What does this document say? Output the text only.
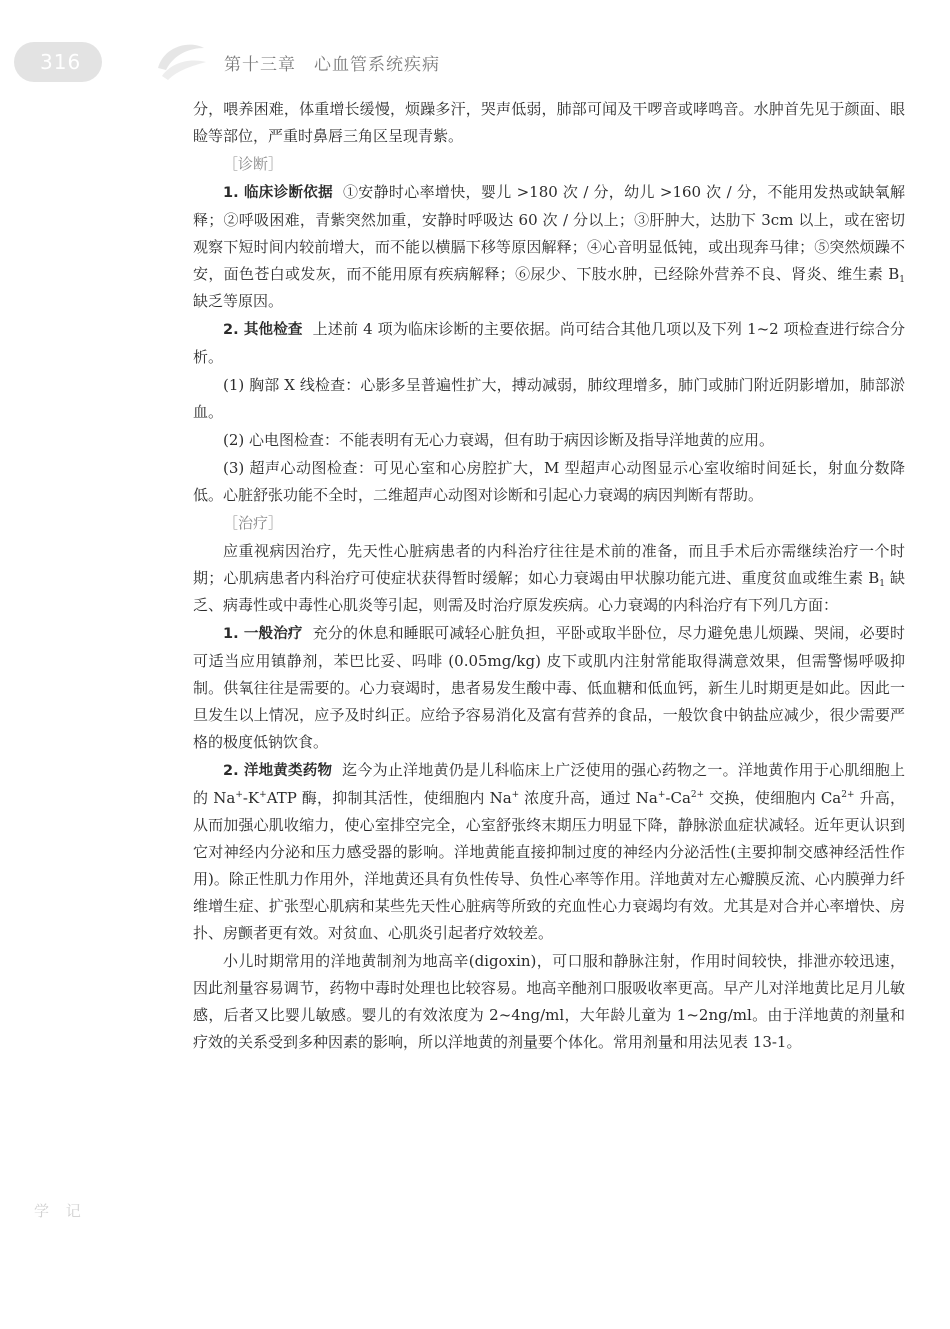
316	第十三章　心血管系统疾病

分，喂养困难，体重增长缓慢，烦躁多汗，哭声低弱，肺部可闻及干啰音或哮鸣音。水肿首先见于颜面、眼睑等部位，严重时鼻唇三角区呈现青紫。

［诊断］

1. 临床诊断依据 ①安静时心率增快，婴儿 >180 次 / 分，幼儿 >160 次 / 分，不能用发热或缺氧解释；②呼吸困难，青紫突然加重，安静时呼吸达 60 次 / 分以上；③肝肿大，达肋下 3cm 以上，或在密切观察下短时间内较前增大，而不能以横膈下移等原因解释；④心音明显低钝，或出现奔马律；⑤突然烦躁不安，面色苍白或发灰，而不能用原有疾病解释；⑥尿少、下肢水肿，已经除外营养不良、肾炎、维生素 $B_1$ 缺乏等原因。

2. 其他检查 上述前 4 项为临床诊断的主要依据。尚可结合其他几项以及下列 1~2 项检查进行综合分析。

(1) 胸部 X 线检查：心影多呈普遍性扩大，搏动减弱，肺纹理增多，肺门或肺门附近阴影增加，肺部淤血。

(2) 心电图检查：不能表明有无心力衰竭，但有助于病因诊断及指导洋地黄的应用。

(3) 超声心动图检查：可见心室和心房腔扩大，M 型超声心动图显示心室收缩时间延长，射血分数降低。心脏舒张功能不全时，二维超声心动图对诊断和引起心力衰竭的病因判断有帮助。

［治疗］

应重视病因治疗，先天性心脏病患者的内科治疗往往是术前的准备，而且手术后亦需继续治疗一个时期；心肌病患者内科治疗可使症状获得暂时缓解；如心力衰竭由甲状腺功能亢进、重度贫血或维生素 $B_1$ 缺乏、病毒性或中毒性心肌炎等引起，则需及时治疗原发疾病。心力衰竭的内科治疗有下列几方面：

1. 一般治疗 充分的休息和睡眠可减轻心脏负担，平卧或取半卧位，尽力避免患儿烦躁、哭闹，必要时可适当应用镇静剂，苯巴比妥、吗啡 (0.05mg/kg) 皮下或肌内注射常能取得满意效果，但需警惕呼吸抑制。供氧往往是需要的。心力衰竭时，患者易发生酸中毒、低血糖和低血钙，新生儿时期更是如此。因此一旦发生以上情况，应予及时纠正。应给予容易消化及富有营养的食品，一般饮食中钠盐应减少，很少需要严格的极度低钠饮食。

2. 洋地黄类药物 迄今为止洋地黄仍是儿科临床上广泛使用的强心药物之一。洋地黄作用于心肌细胞上的 Na+-K+ATP 酶，抑制其活性，使细胞内 Na+ 浓度升高，通过 $Na^+-Ca^{2+}$ 交换，使细胞内 $Ca^{2+}$ 升高，从而加强心肌收缩力，使心室排空完全，心室舒张终末期压力明显下降，静脉淤血症状减轻。近年更认识到它对神经内分泌和压力感受器的影响。洋地黄能直接抑制过度的神经内分泌活性(主要抑制交感神经活性作用)。除正性肌力作用外，洋地黄还具有负性传导、负性心率等作用。洋地黄对左心瓣膜反流、心内膜弹力纤维增生症、扩张型心肌病和某些先天性心脏病等所致的充血性心力衰竭均有效。尤其是对合并心率增快、房扑、房颤者更有效。对贫血、心肌炎引起者疗效较差。

小儿时期常用的洋地黄制剂为地高辛(digoxin)，可口服和静脉注射，作用时间较快，排泄亦较迅速，因此剂量容易调节，药物中毒时处理也比较容易。地高辛酏剂口服吸收率更高。早产儿对洋地黄比足月儿敏感，后者又比婴儿敏感。婴儿的有效浓度为 2~4ng/ml，大年龄儿童为 1~2ng/ml。由于洋地黄的剂量和疗效的关系受到多种因素的影响，所以洋地黄的剂量要个体化。常用剂量和用法见表 13-1。

学 记
